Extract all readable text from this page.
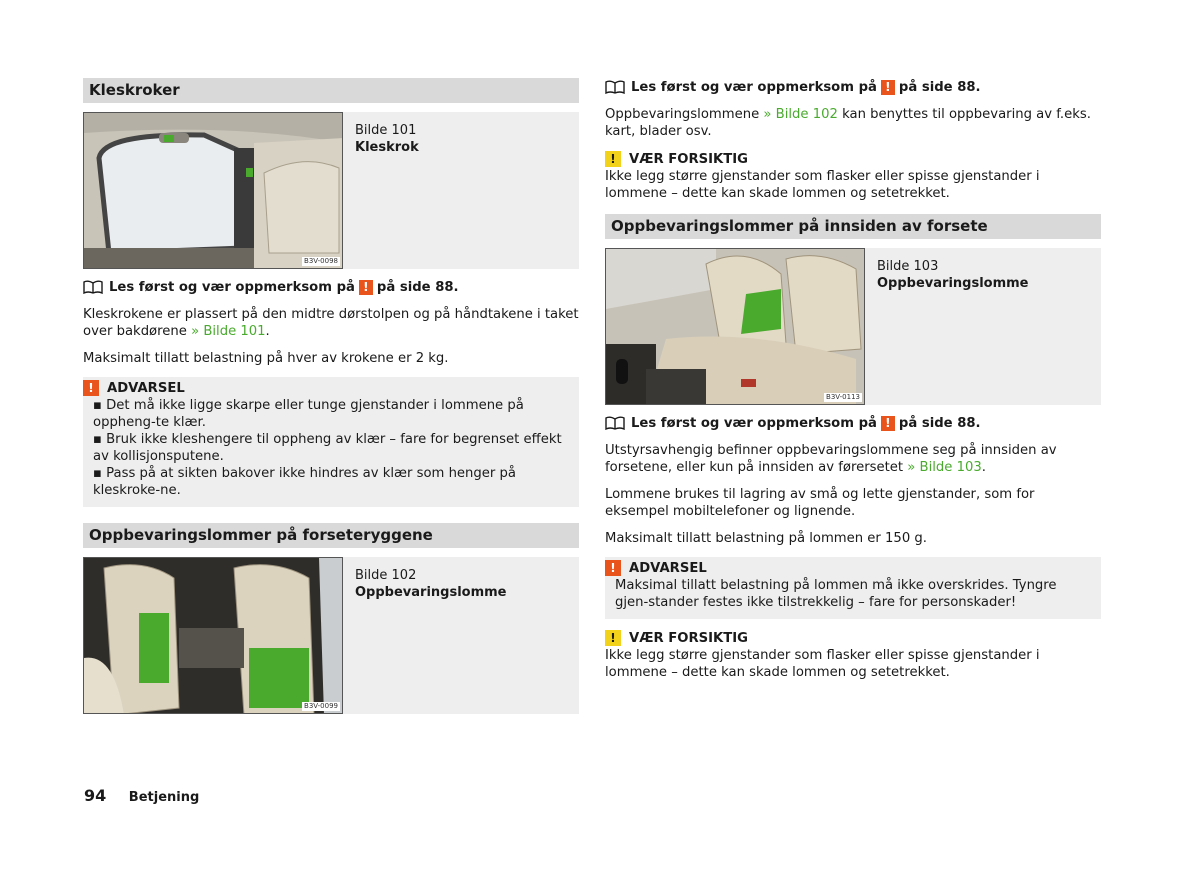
Kleskroker
B3V-0098
Bilde 101
Kleskrok
Les først og vær oppmerksom på ! på side 88.

Kleskrokene er plassert på den midtre dørstolpen og på håndtakene i taket over bakdørene » Bilde 101.

Maksimalt tillatt belastning på hver av krokene er 2 kg.

!	ADVARSEL

▪ Det må ikke ligge skarpe eller tunge gjenstander i lommene på oppheng-te klær.

▪ Bruk ikke kleshengere til oppheng av klær – fare for begrenset effekt av kollisjonsputene.

▪ Pass på at sikten bakover ikke hindres av klær som henger på kleskroke-ne.

Oppbevaringslommer på forseteryggene
B3V-0099
Bilde 102
Oppbevaringslomme
Les først og vær oppmerksom på ! på side 88.

Oppbevaringslommene » Bilde 102 kan benyttes til oppbevaring av f.eks. kart, blader osv.

!	VÆR FORSIKTIG

Ikke legg større gjenstander som flasker eller spisse gjenstander i lommene – dette kan skade lommen og setetrekket.

Oppbevaringslommer på innsiden av forsete
B3V-0113
Bilde 103
Oppbevaringslomme
Les først og vær oppmerksom på ! på side 88.

Utstyrsavhengig befinner oppbevaringslommene seg på innsiden av forsetene, eller kun på innsiden av førersetet » Bilde 103.

Lommene brukes til lagring av små og lette gjenstander, som for eksempel mobiltelefoner og lignende.

Maksimalt tillatt belastning på lommen er 150 g.

!	ADVARSEL

Maksimal tillatt belastning på lommen må ikke overskrides. Tyngre gjen-stander festes ikke tilstrekkelig – fare for personskader!

!	VÆR FORSIKTIG

Ikke legg større gjenstander som flasker eller spisse gjenstander i lommene – dette kan skade lommen og setetrekket.

94 Betjening
